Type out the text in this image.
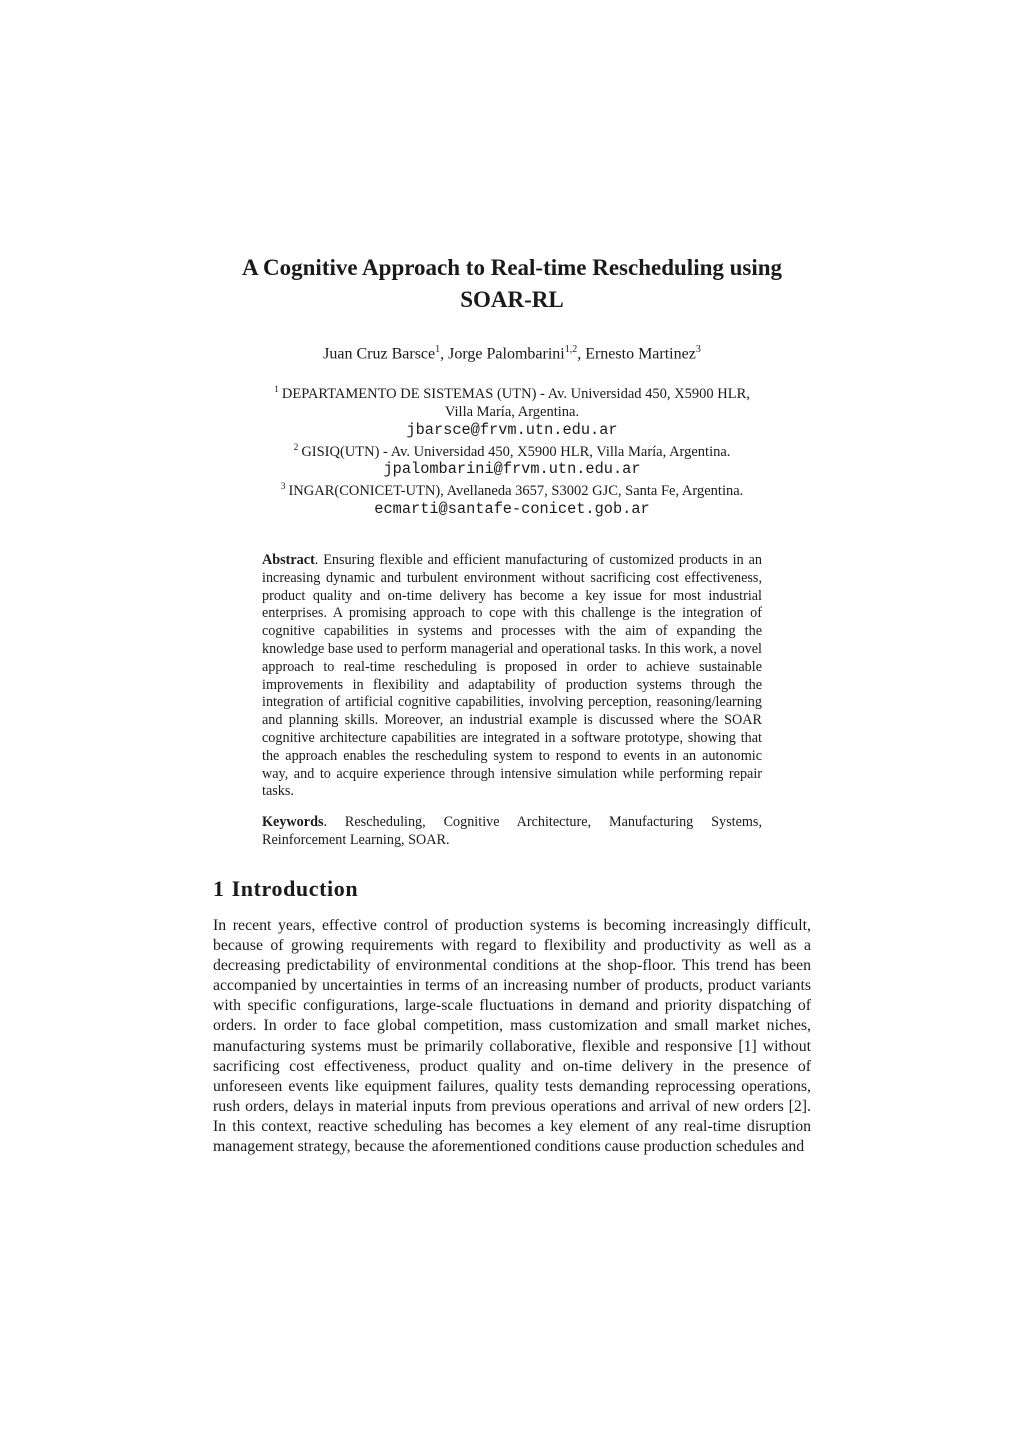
A Cognitive Approach to Real-time Rescheduling using SOAR-RL
Juan Cruz Barsce$^1$, Jorge Palombarini$^{1,2}$, Ernesto Martinez$^3$
$^1$ DEPARTAMENTO DE SISTEMAS (UTN) - Av. Universidad 450, X5900 HLR,
Villa María, Argentina.
jbarsce@frvm.utn.edu.ar
$^2$ GISIQ(UTN) - Av. Universidad 450, X5900 HLR, Villa María, Argentina.
jpalombarini@frvm.utn.edu.ar
$^3$ INGAR(CONICET-UTN), Avellaneda 3657, S3002 GJC, Santa Fe, Argentina.
ecmarti@santafe-conicet.gob.ar
Abstract. Ensuring flexible and efficient manufacturing of customized products in an increasing dynamic and turbulent environment without sacrificing cost effectiveness, product quality and on-time delivery has become a key issue for most industrial enterprises. A promising approach to cope with this challenge is the integration of cognitive capabilities in systems and processes with the aim of expanding the knowledge base used to perform managerial and operational tasks. In this work, a novel approach to real-time rescheduling is proposed in order to achieve sustainable improvements in flexibility and adaptability of production systems through the integration of artificial cognitive capabilities, involving perception, reasoning/learning and planning skills. Moreover, an industrial example is discussed where the SOAR cognitive architecture capabilities are integrated in a software prototype, showing that the approach enables the rescheduling system to respond to events in an autonomic way, and to acquire experience through intensive simulation while performing repair tasks.
Keywords. Rescheduling, Cognitive Architecture, Manufacturing Systems, Reinforcement Learning, SOAR.
1 Introduction
In recent years, effective control of production systems is becoming increasingly difficult, because of growing requirements with regard to flexibility and productivity as well as a decreasing predictability of environmental conditions at the shop-floor. This trend has been accompanied by uncertainties in terms of an increasing number of products, product variants with specific configurations, large-scale fluctuations in demand and priority dispatching of orders. In order to face global competition, mass customization and small market niches, manufacturing systems must be primarily collaborative, flexible and responsive [1] without sacrificing cost effectiveness, product quality and on-time delivery in the presence of unforeseen events like equipment failures, quality tests demanding reprocessing operations, rush orders, delays in material inputs from previous operations and arrival of new orders [2]. In this context, reactive scheduling has becomes a key element of any real-time disruption management strategy, because the aforementioned conditions cause production schedules and
